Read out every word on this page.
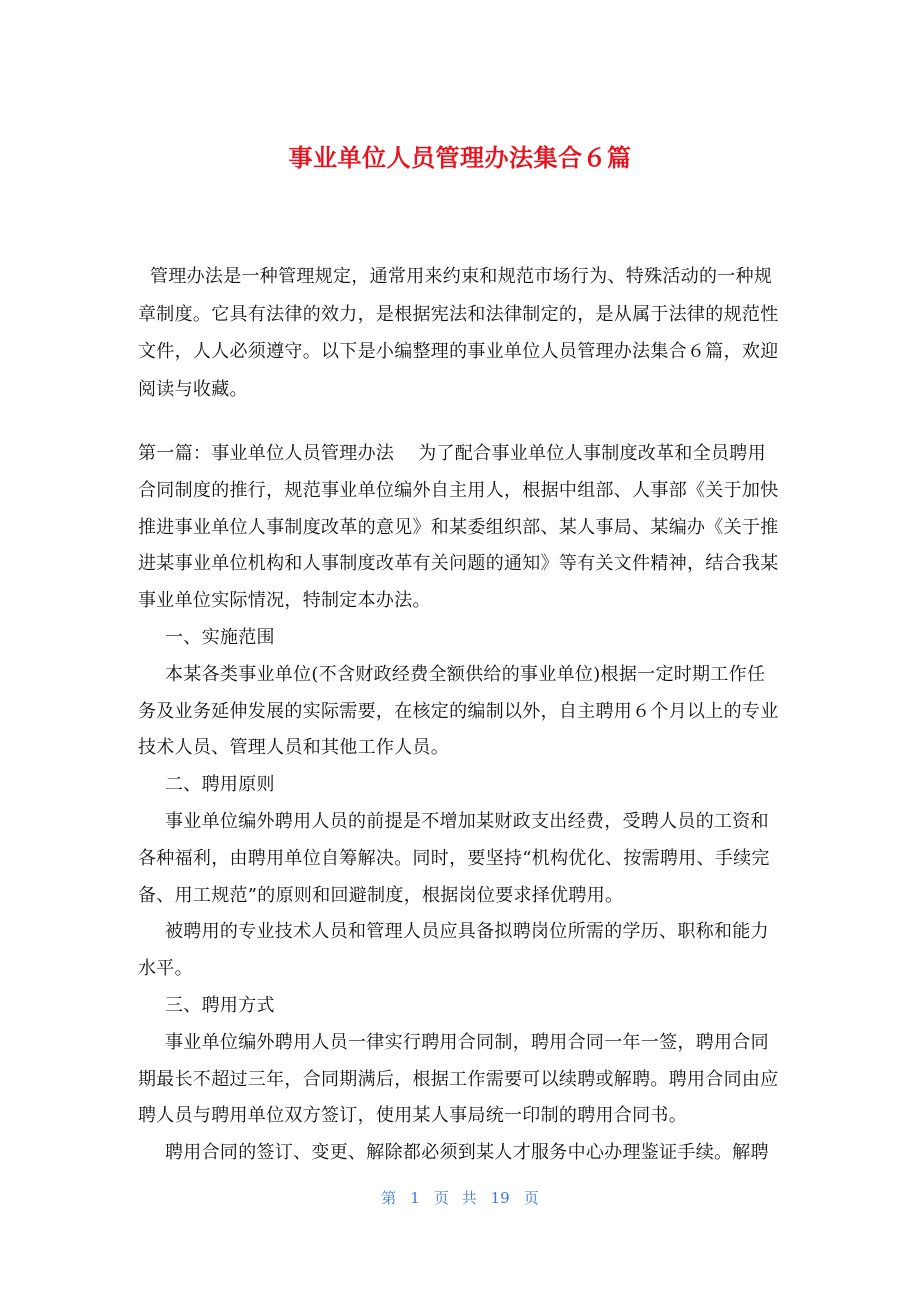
事业单位人员管理办法集合６篇

管理办法是一种管理规定，通常用来约束和规范市场行为、特殊活动的一种规章制度。它具有法律的效力，是根据宪法和法律制定的，是从属于法律的规范性文件，人人必须遵守。以下是小编整理的事业单位人员管理办法集合６篇，欢迎阅读与收藏。

第一篇：事业单位人员管理办法 为了配合事业单位人事制度改革和全员聘用合同制度的推行，规范事业单位编外自主用人，根据中组部、人事部《关于加快推进事业单位人事制度改革的意见》和某委组织部、某人事局、某编办《关于推进某事业单位机构和人事制度改革有关问题的通知》等有关文件精神，结合我某事业单位实际情况，特制定本办法。

一、实施范围

本某各类事业单位(不含财政经费全额供给的事业单位)根据一定时期工作任务及业务延伸发展的实际需要，在核定的编制以外，自主聘用６个月以上的专业技术人员、管理人员和其他工作人员。

二、聘用原则

事业单位编外聘用人员的前提是不增加某财政支出经费，受聘人员的工资和各种福利，由聘用单位自筹解决。同时，要坚持“机构优化、按需聘用、手续完备、用工规范”的原则和回避制度，根据岗位要求择优聘用。

被聘用的专业技术人员和管理人员应具备拟聘岗位所需的学历、职称和能力水平。

三、聘用方式

事业单位编外聘用人员一律实行聘用合同制，聘用合同一年一签，聘用合同期最长不超过三年，合同期满后，根据工作需要可以续聘或解聘。聘用合同由应聘人员与聘用单位双方签订，使用某人事局统一印制的聘用合同书。

聘用合同的签订、变更、解除都必须到某人才服务中心办理鉴证手续。解聘

第 1 页 共 19 页
